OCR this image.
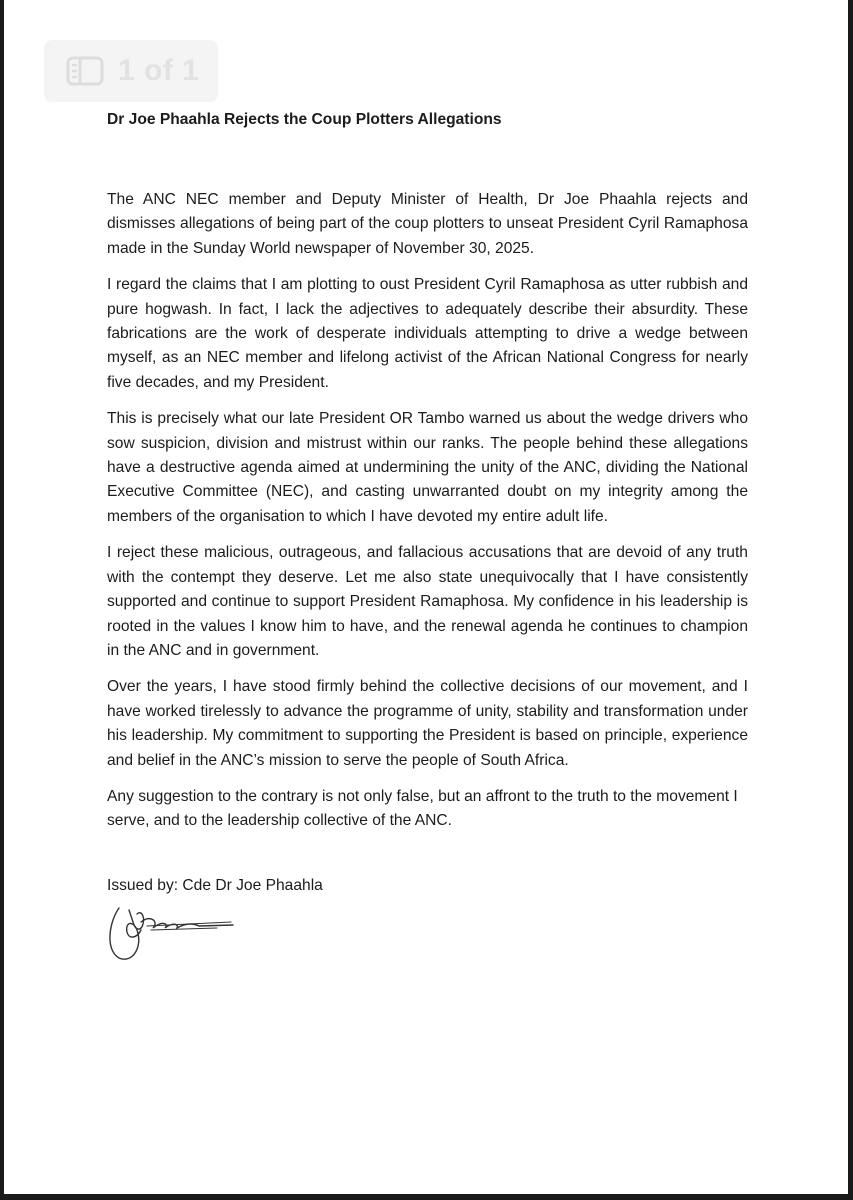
1 of 1
Dr Joe Phaahla Rejects the Coup Plotters Allegations

The ANC NEC member and Deputy Minister of Health, Dr Joe Phaahla rejects and dismisses allegations of being part of the coup plotters to unseat President Cyril Ramaphosa made in the Sunday World newspaper of November 30, 2025.

I regard the claims that I am plotting to oust President Cyril Ramaphosa as utter rubbish and pure hogwash. In fact, I lack the adjectives to adequately describe their absurdity. These fabrications are the work of desperate individuals attempting to drive a wedge between myself, as an NEC member and lifelong activist of the African National Congress for nearly five decades, and my President.

This is precisely what our late President OR Tambo warned us about the wedge drivers who sow suspicion, division and mistrust within our ranks. The people behind these allegations have a destructive agenda aimed at undermining the unity of the ANC, dividing the National Executive Committee (NEC), and casting unwarranted doubt on my integrity among the members of the organisation to which I have devoted my entire adult life.

I reject these malicious, outrageous, and fallacious accusations that are devoid of any truth with the contempt they deserve. Let me also state unequivocally that I have consistently supported and continue to support President Ramaphosa. My confidence in his leadership is rooted in the values I know him to have, and the renewal agenda he continues to champion in the ANC and in government.

Over the years, I have stood firmly behind the collective decisions of our movement, and I have worked tirelessly to advance the programme of unity, stability and transformation under his leadership. My commitment to supporting the President is based on principle, experience and belief in the ANC’s mission to serve the people of South Africa.

Any suggestion to the contrary is not only false, but an affront to the truth to the movement I serve, and to the leadership collective of the ANC.

Issued by: Cde Dr Joe Phaahla
